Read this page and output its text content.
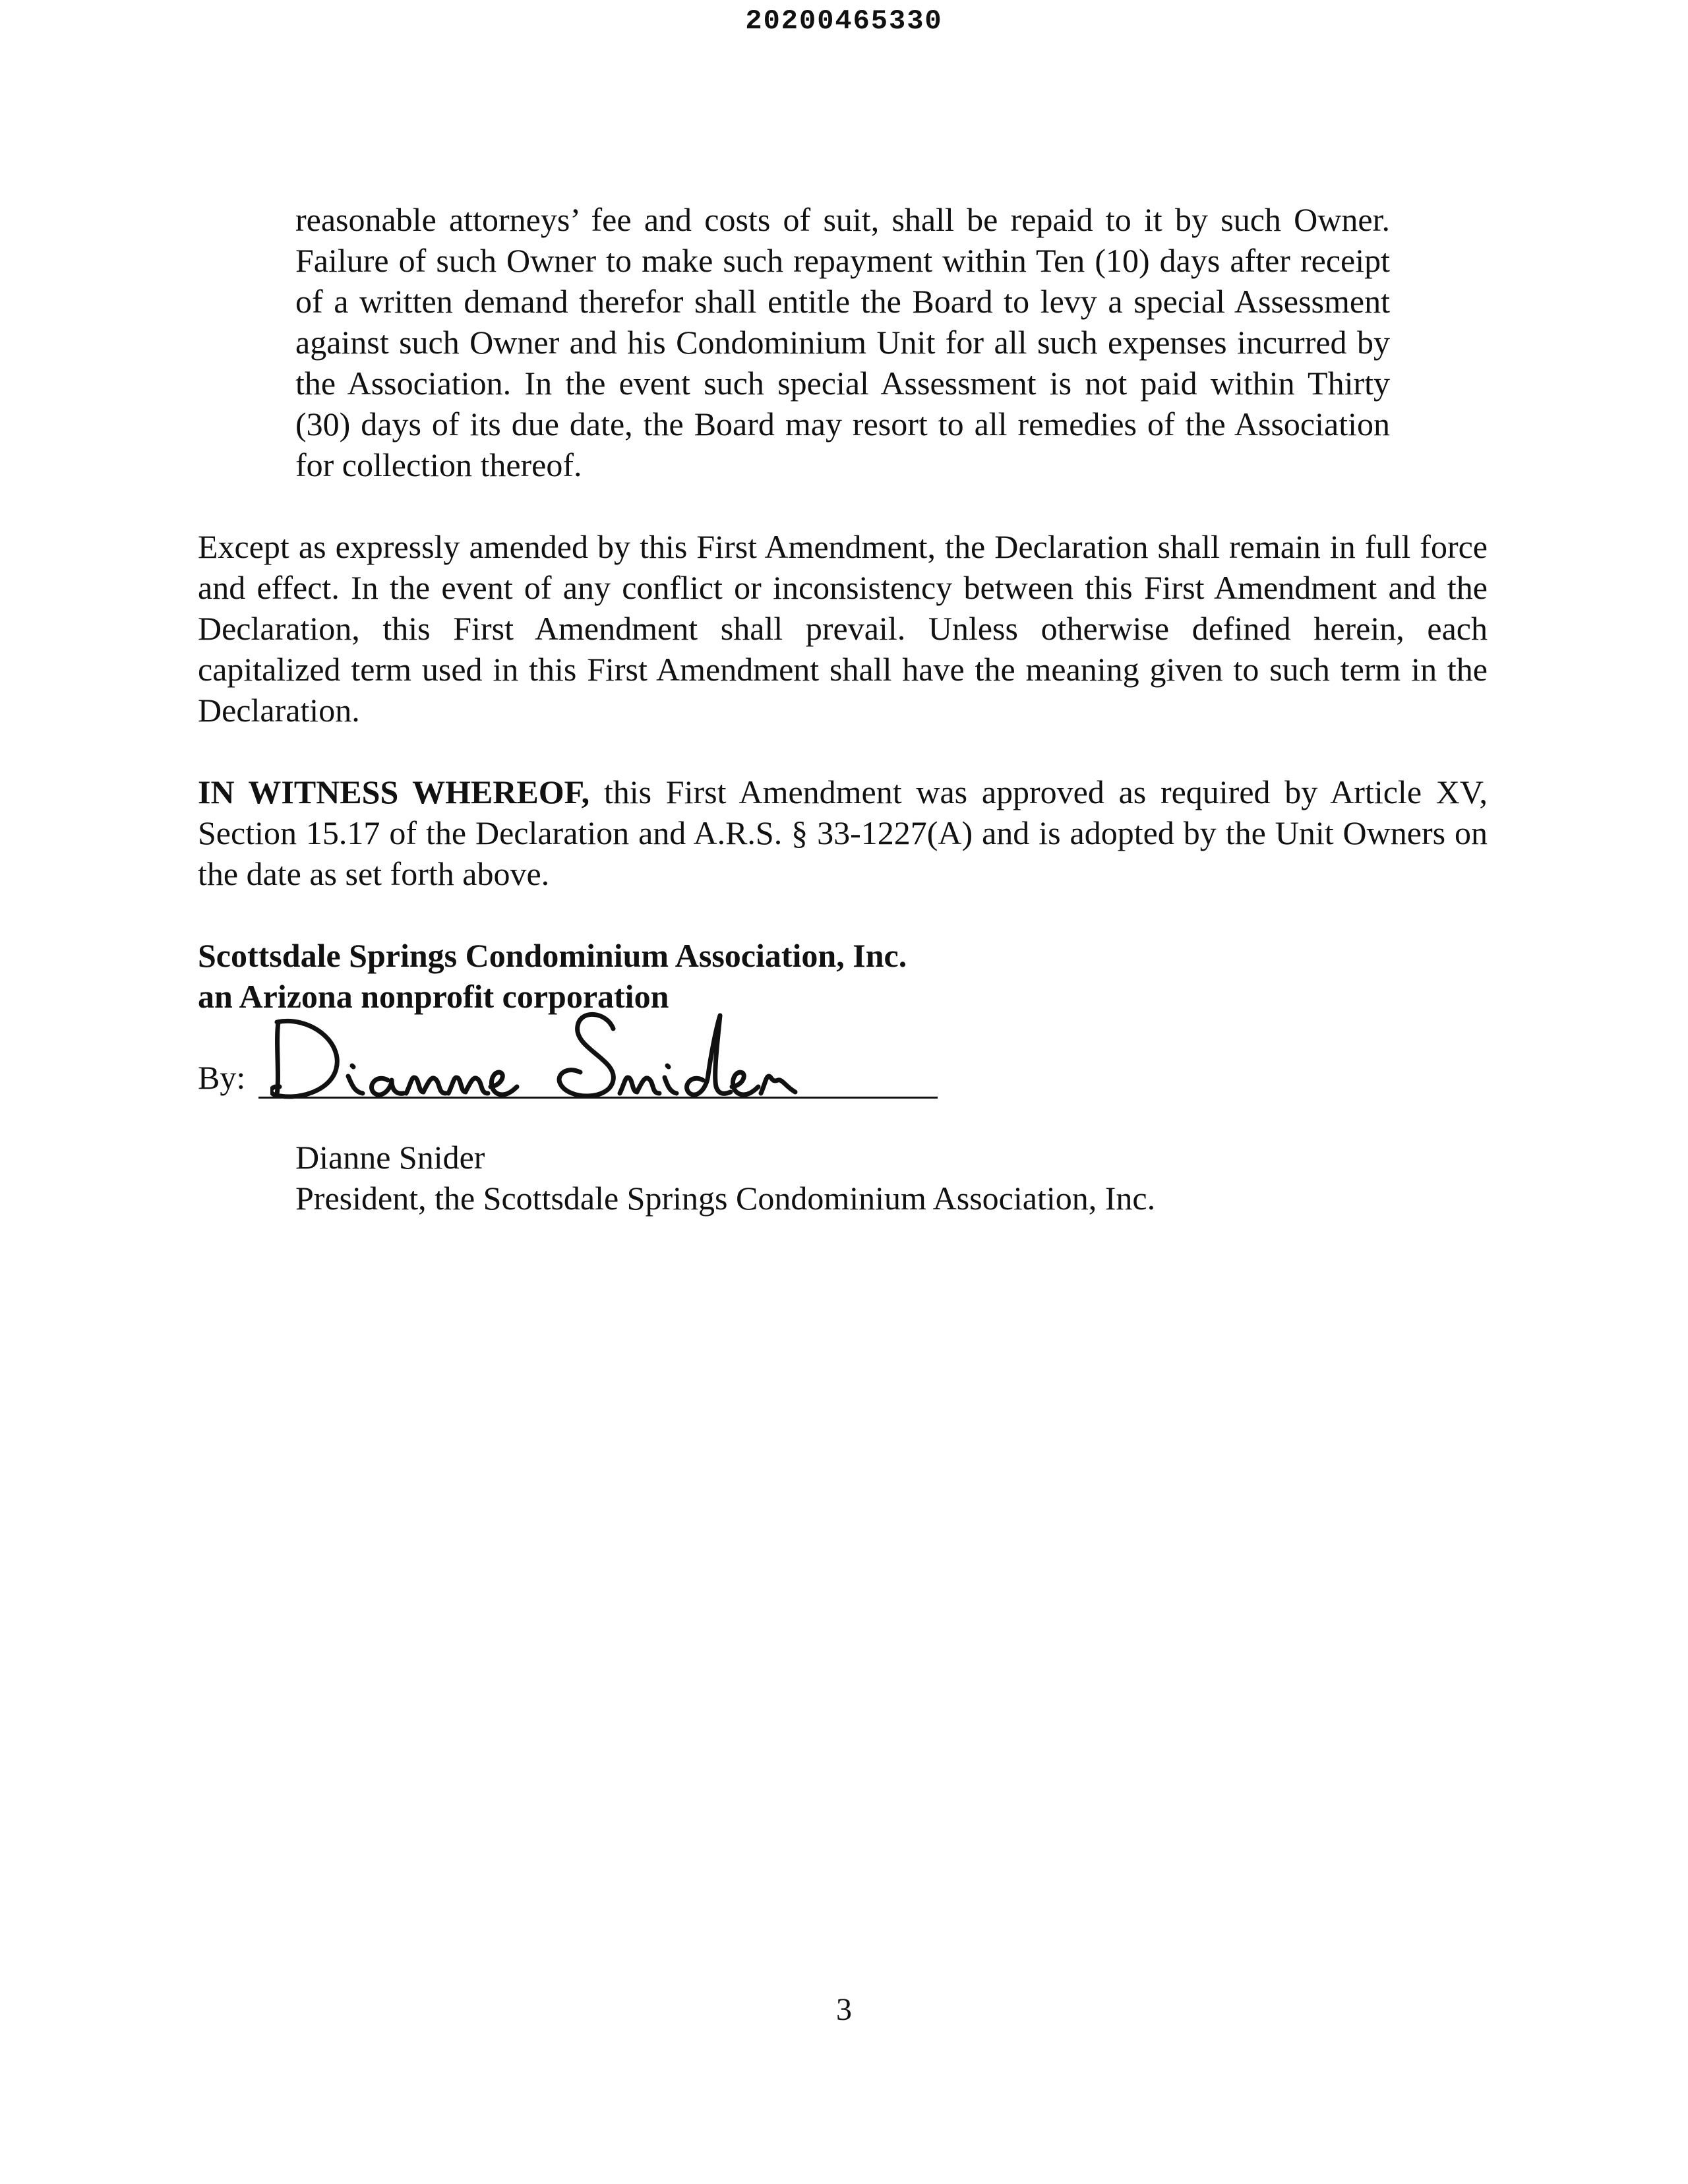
20200465330

reasonable attorneys’ fee and costs of suit, shall be repaid to it by such Owner. Failure of such Owner to make such repayment within Ten (10) days after receipt of a written demand therefor shall entitle the Board to levy a special Assessment against such Owner and his Condominium Unit for all such expenses incurred by the Association. In the event such special Assessment is not paid within Thirty (30) days of its due date, the Board may resort to all remedies of the Association for collection thereof.

Except as expressly amended by this First Amendment, the Declaration shall remain in full force and effect. In the event of any conflict or inconsistency between this First Amendment and the Declaration, this First Amendment shall prevail. Unless otherwise defined herein, each capitalized term used in this First Amendment shall have the meaning given to such term in the Declaration.

IN WITNESS WHEREOF, this First Amendment was approved as required by Article XV, Section 15.17 of the Declaration and A.R.S. § 33-1227(A) and is adopted by the Unit Owners on the date as set forth above.

Scottsdale Springs Condominium Association, Inc.
an Arizona nonprofit corporation
By:
Dianne Snider
President, the Scottsdale Springs Condominium Association, Inc.
3
